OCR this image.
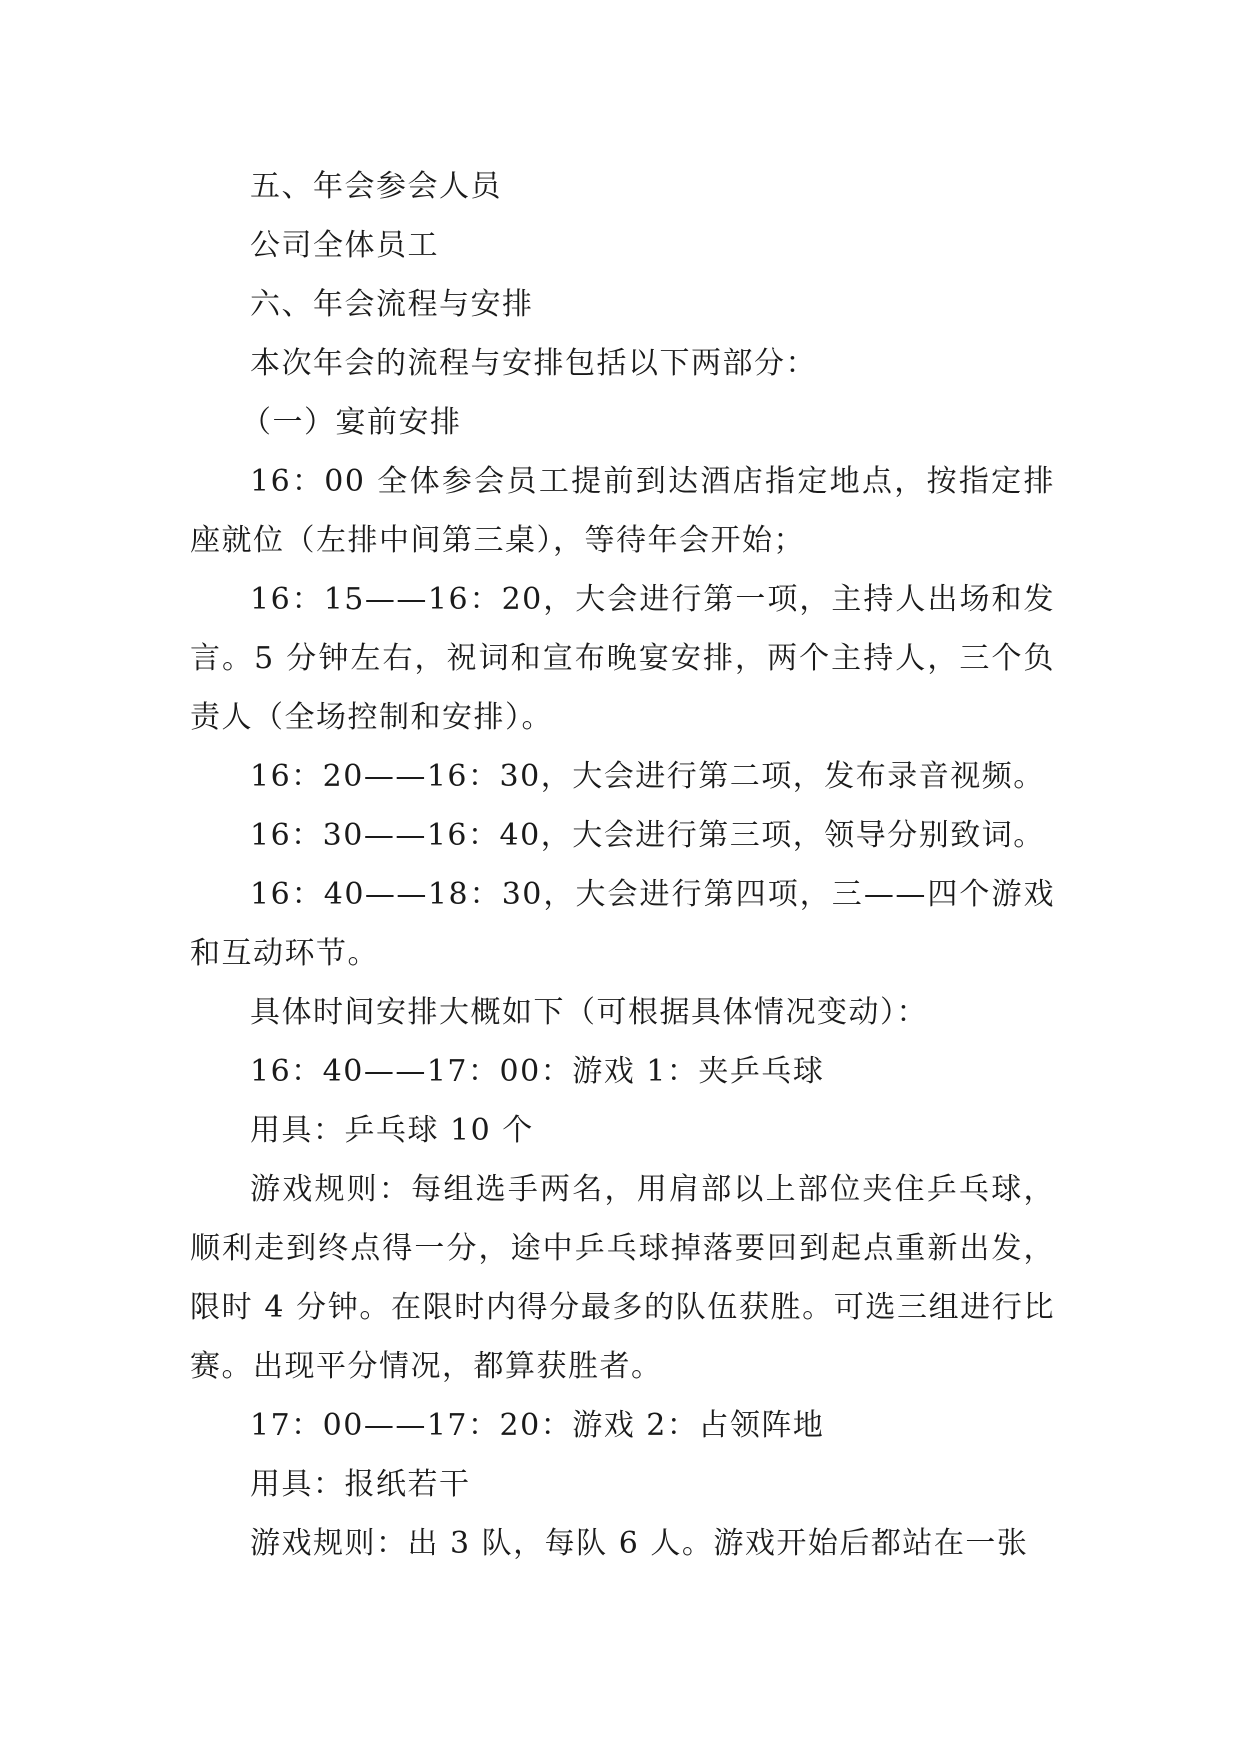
五、年会参会人员

公司全体员工

六、年会流程与安排

本次年会的流程与安排包括以下两部分：

（一）宴前安排

16：00 全体参会员工提前到达酒店指定地点，按指定排座就位（左排中间第三桌），等待年会开始；

16：15——16：20，大会进行第一项，主持人出场和发言。5 分钟左右，祝词和宣布晚宴安排，两个主持人，三个负责人（全场控制和安排）。

16：20——16：30，大会进行第二项，发布录音视频。

16：30——16：40，大会进行第三项，领导分别致词。

16：40——18：30，大会进行第四项，三——四个游戏和互动环节。

具体时间安排大概如下（可根据具体情况变动）：

16：40——17：00：游戏 1：夹乒乓球

用具：乒乓球 10 个

游戏规则：每组选手两名，用肩部以上部位夹住乒乓球，顺利走到终点得一分，途中乒乓球掉落要回到起点重新出发，限时 4 分钟。在限时内得分最多的队伍获胜。可选三组进行比赛。出现平分情况，都算获胜者。

17：00——17：20：游戏 2：占领阵地

用具：报纸若干

游戏规则：出 3 队，每队 6 人。游戏开始后都站在一张
